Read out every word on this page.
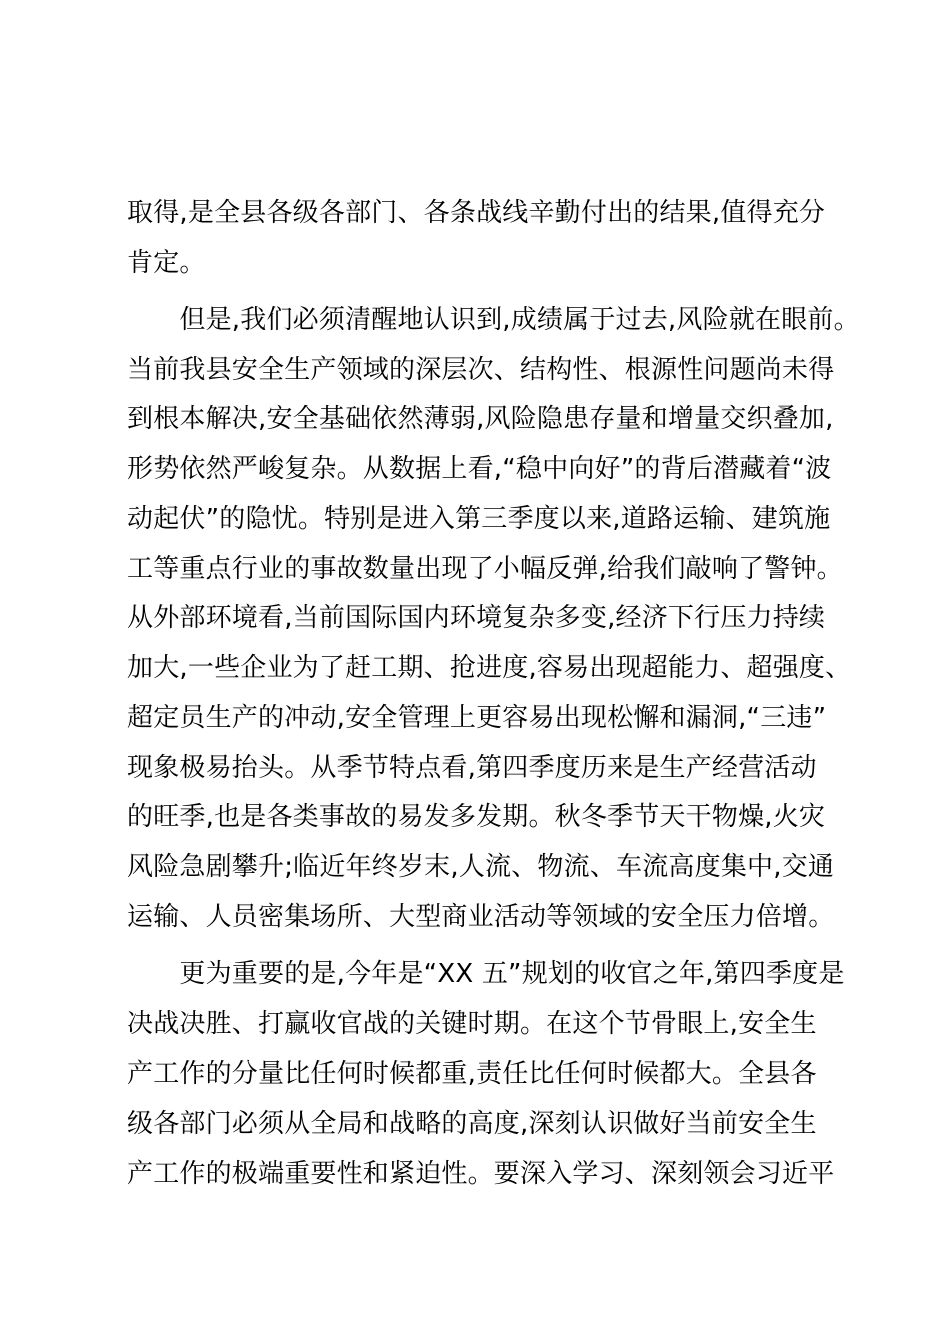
取得,是全县各级各部门、各条战线辛勤付出的结果,值得充分
肯定。
　　但是,我们必须清醒地认识到,成绩属于过去,风险就在眼前。
当前我县安全生产领域的深层次、结构性、根源性问题尚未得
到根本解决,安全基础依然薄弱,风险隐患存量和增量交织叠加,
形势依然严峻复杂。从数据上看,“稳中向好”的背后潜藏着“波
动起伏”的隐忧。特别是进入第三季度以来,道路运输、建筑施
工等重点行业的事故数量出现了小幅反弹,给我们敲响了警钟。
从外部环境看,当前国际国内环境复杂多变,经济下行压力持续
加大,一些企业为了赶工期、抢进度,容易出现超能力、超强度、
超定员生产的冲动,安全管理上更容易出现松懈和漏洞,“三违”
现象极易抬头。从季节特点看,第四季度历来是生产经营活动
的旺季,也是各类事故的易发多发期。秋冬季节天干物燥,火灾
风险急剧攀升;临近年终岁末,人流、物流、车流高度集中,交通
运输、人员密集场所、大型商业活动等领域的安全压力倍增。
　　更为重要的是,今年是“XX 五”规划的收官之年,第四季度是
决战决胜、打赢收官战的关键时期。在这个节骨眼上,安全生
产工作的分量比任何时候都重,责任比任何时候都大。全县各
级各部门必须从全局和战略的高度,深刻认识做好当前安全生
产工作的极端重要性和紧迫性。要深入学习、深刻领会习近平
